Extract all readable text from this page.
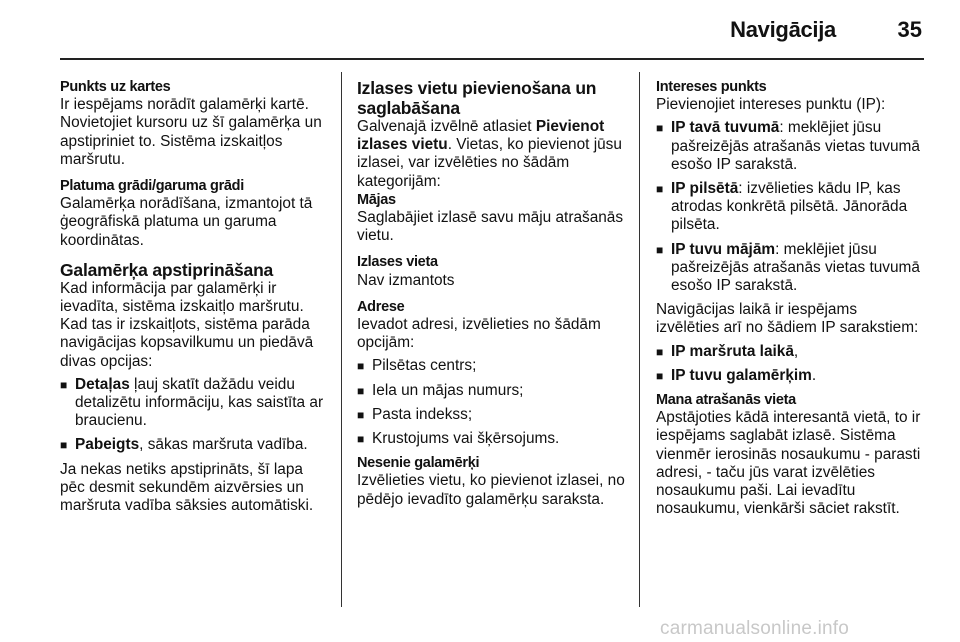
Navigācija	35
Punkts uz kartes

Ir iespējams norādīt galamērķi kartē. Novietojiet kursoru uz šī galamērķa un apstipriniet to. Sistēma izskaitļos maršrutu.

Platuma grādi/garuma grādi

Galamērķa norādīšana, izmantojot tā ģeogrāfiskā platuma un garuma koordinātas.

Galamērķa apstiprināšana

Kad informācija par galamērķi ir ievadīta, sistēma izskaitļo maršrutu. Kad tas ir izskaitļots, sistēma parāda navigācijas kopsavilkumu un piedāvā divas opcijas:

■ Detaļas ļauj skatīt dažādu veidu detalizētu informāciju, kas saistīta ar braucienu.
■ Pabeigts, sākas maršruta vadība.

Ja nekas netiks apstiprināts, šī lapa pēc desmit sekundēm aizvērsies un maršruta vadība sāksies automātiski.

Izlases vietu pievienošana un saglabāšana

Galvenajā izvēlnē atlasiet Pievienot izlases vietu. Vietas, ko pievienot jūsu izlasei, var izvēlēties no šādām kategorijām:

Mājas

Saglabājiet izlasē savu māju atrašanās vietu.

Izlases vieta

Nav izmantots

Adrese

Ievadot adresi, izvēlieties no šādām opcijām:

■ Pilsētas centrs;
■ Iela un mājas numurs;
■ Pasta indekss;
■ Krustojums vai šķērsojums.
Nesenie galamērķi

Izvēlieties vietu, ko pievienot izlasei, no pēdējo ievadīto galamērķu saraksta.

Intereses punkts

Pievienojiet intereses punktu (IP):

■ IP tavā tuvumā: meklējiet jūsu pašreizējās atrašanās vietas tuvumā esošo IP sarakstā.
■ IP pilsētā: izvēlieties kādu IP, kas atrodas konkrētā pilsētā. Jānorāda pilsēta.
■ IP tuvu mājām: meklējiet jūsu pašreizējās atrašanās vietas tuvumā esošo IP sarakstā.

Navigācijas laikā ir iespējams izvēlēties arī no šādiem IP sarakstiem:

■ IP maršruta laikā,
■ IP tuvu galamērķim.
Mana atrašanās vieta

Apstājoties kādā interesantā vietā, to ir iespējams saglabāt izlasē. Sistēma vienmēr ierosinās nosaukumu - parasti adresi, - taču jūs varat izvēlēties nosaukumu paši. Lai ievadītu nosaukumu, vienkārši sāciet rakstīt.

carmanualsonline.info
